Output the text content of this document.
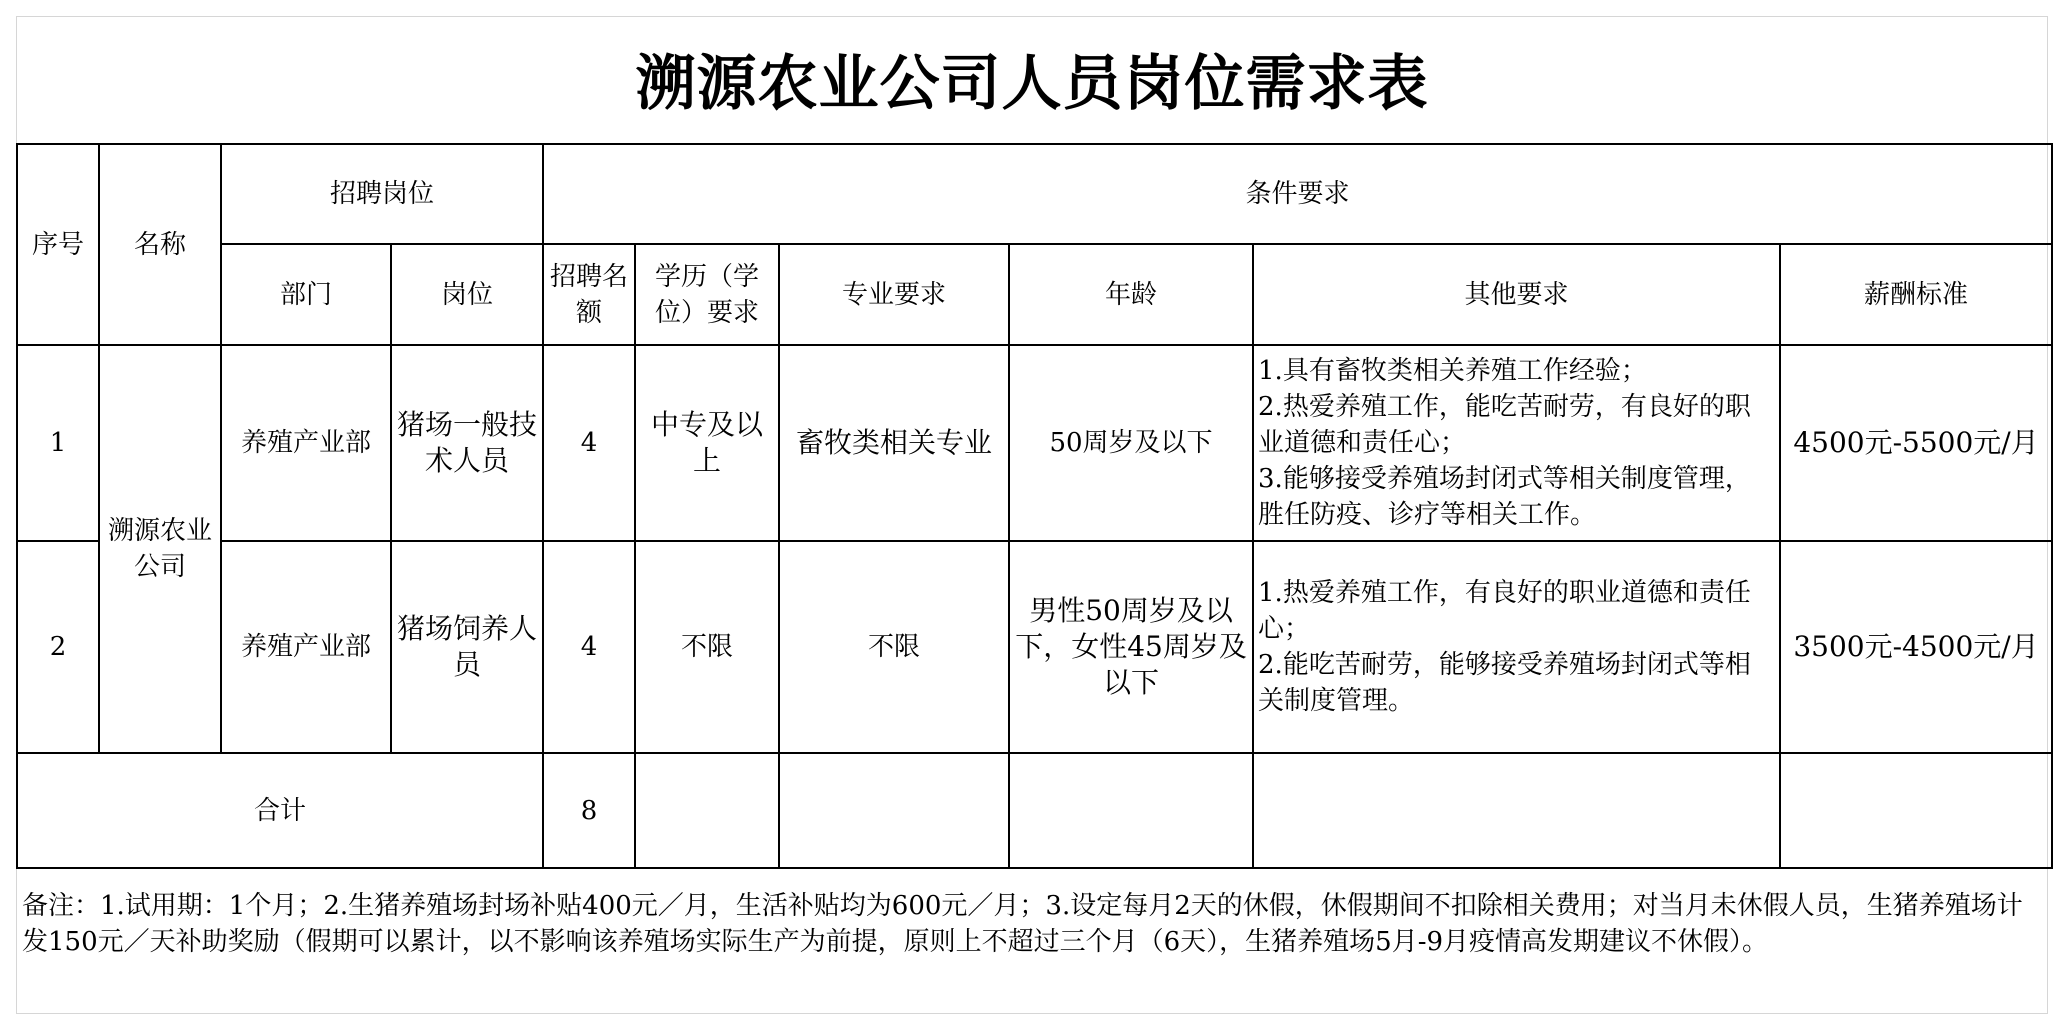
溯源农业公司人员岗位需求表
序号	名称	招聘岗位		条件要求					
		部门	岗位	招聘名额	学历（学位）要求	专业要求	年龄	其他要求	薪酬标准
1	溯源农业公司	养殖产业部	猪场一般技术人员	4	中专及以上	畜牧类相关专业	50周岁及以下	1.具有畜牧类相关养殖工作经验；
2.热爱养殖工作，能吃苦耐劳，有良好的职业道德和责任心；
3.能够接受养殖场封闭式等相关制度管理，胜任防疫、诊疗等相关工作。	4500元-5500元/月
2		养殖产业部	猪场饲养人员	4	不限	不限	男性50周岁及以下，女性45周岁及以下	1.热爱养殖工作，有良好的职业道德和责任心；
2.能吃苦耐劳，能够接受养殖场封闭式等相关制度管理。	3500元-4500元/月
合计				8					
备注：1.试用期：1个月；2.生猪养殖场封场补贴400元／月，生活补贴均为600元／月；3.设定每月2天的休假，休假期间不扣除相关费用；对当月未休假人员，生猪养殖场计发150元／天补助奖励（假期可以累计，以不影响该养殖场实际生产为前提，原则上不超过三个月（6天），生猪养殖场5月-9月疫情高发期建议不休假）。
